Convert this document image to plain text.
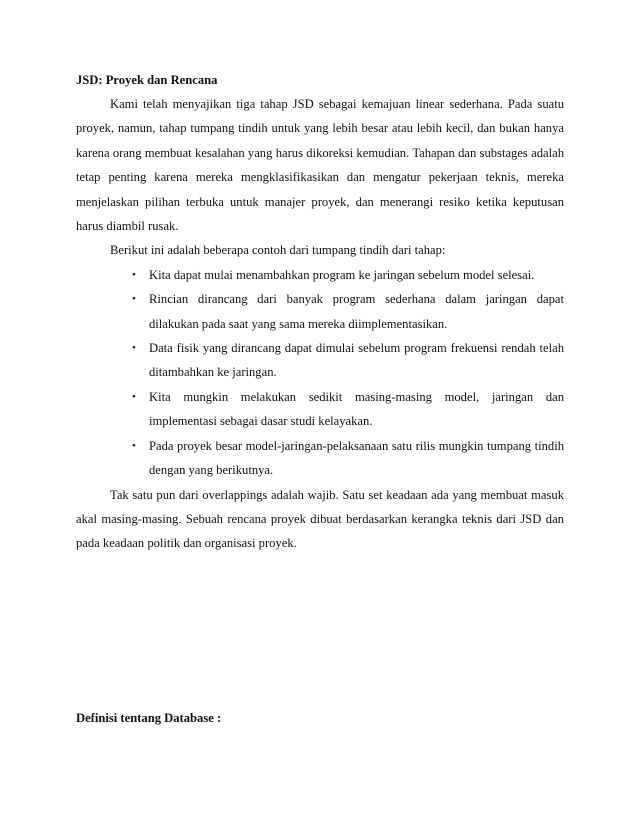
JSD: Proyek dan Rencana

Kami telah menyajikan tiga tahap JSD sebagai kemajuan linear sederhana. Pada suatu proyek, namun, tahap tumpang tindih untuk yang lebih besar atau lebih kecil, dan bukan hanya karena orang membuat kesalahan yang harus dikoreksi kemudian. Tahapan dan substages adalah tetap penting karena mereka mengklasifikasikan dan mengatur pekerjaan teknis, mereka menjelaskan pilihan terbuka untuk manajer proyek, dan menerangi resiko ketika keputusan harus diambil rusak.

Berikut ini adalah beberapa contoh dari tumpang tindih dari tahap:

• Kita dapat mulai menambahkan program ke jaringan sebelum model selesai.
• Rincian dirancang dari banyak program sederhana dalam jaringan dapat dilakukan pada saat yang sama mereka diimplementasikan.
• Data fisik yang dirancang dapat dimulai sebelum program frekuensi rendah telah ditambahkan ke jaringan.
• Kita mungkin melakukan sedikit masing-masing model, jaringan dan implementasi sebagai dasar studi kelayakan.
• Pada proyek besar model-jaringan-pelaksanaan satu rilis mungkin tumpang tindih dengan yang berikutnya.

Tak satu pun dari overlappings adalah wajib. Satu set keadaan ada yang membuat masuk akal masing-masing. Sebuah rencana proyek dibuat berdasarkan kerangka teknis dari JSD dan pada keadaan politik dan organisasi proyek.

Definisi tentang Database :
